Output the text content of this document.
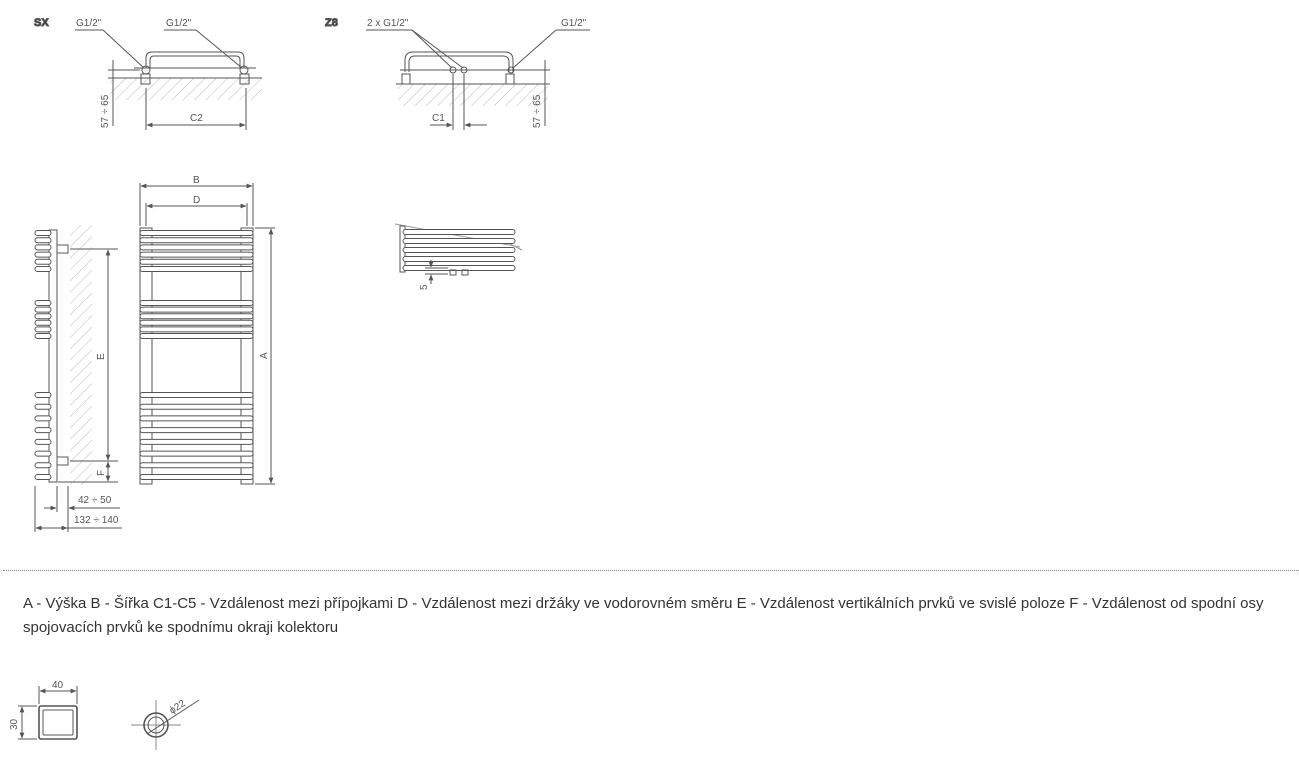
SX	G1/2"	G1/2"
C2
57 ÷ 65
Z8	2 x G1/2"	G1/2"
C1	57 ÷ 65
E
F
42 ÷ 50
132 ÷ 140
B
D
A
5
40
30
ϕ22

A - Výška B - Šířka C1-C5 - Vzdálenost mezi přípojkami D - Vzdálenost mezi držáky ve vodorovném směru E - Vzdálenost vertikálních prvků ve svislé poloze F - Vzdálenost od spodní osy spojovacích prvků ke spodnímu okraji kolektoru
